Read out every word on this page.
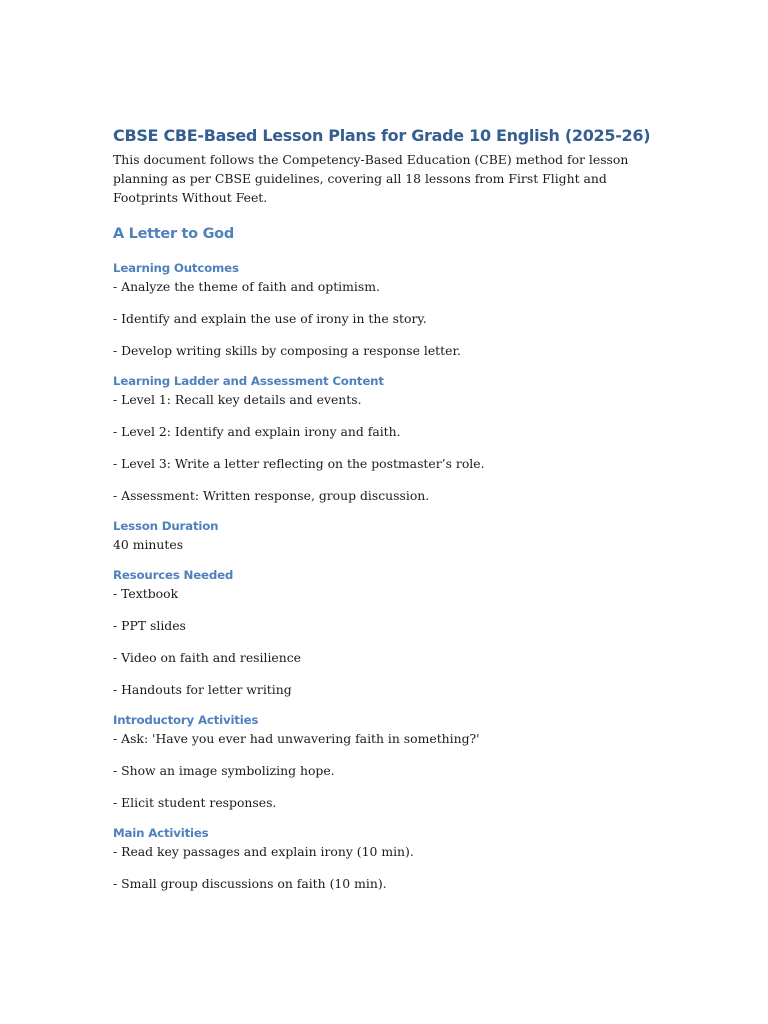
CBSE CBE-Based Lesson Plans for Grade 10 English (2025-26)

This document follows the Competency-Based Education (CBE) method for lesson planning as per CBSE guidelines, covering all 18 lessons from First Flight and Footprints Without Feet.

A Letter to God
Learning Outcomes

- Analyze the theme of faith and optimism.

- Identify and explain the use of irony in the story.

- Develop writing skills by composing a response letter.

Learning Ladder and Assessment Content

- Level 1: Recall key details and events.

- Level 2: Identify and explain irony and faith.

- Level 3: Write a letter reflecting on the postmaster’s role.

- Assessment: Written response, group discussion.

Lesson Duration

40 minutes

Resources Needed

- Textbook

- PPT slides

- Video on faith and resilience

- Handouts for letter writing

Introductory Activities

- Ask: 'Have you ever had unwavering faith in something?'

- Show an image symbolizing hope.

- Elicit student responses.

Main Activities

- Read key passages and explain irony (10 min).

- Small group discussions on faith (10 min).
